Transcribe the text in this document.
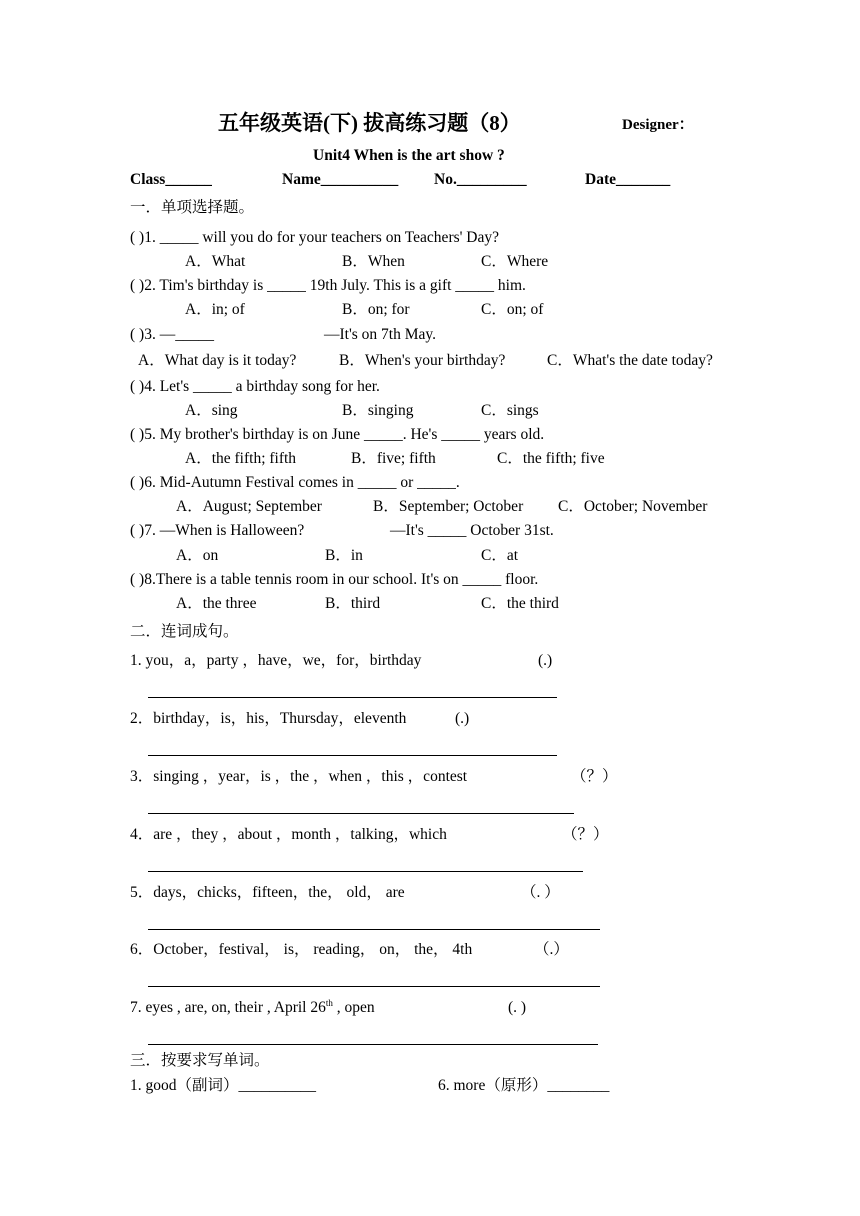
五年级英语(下) 拔高练习题（8）	Designer：
Unit4 When is the art show ?
Class______	Name__________ No._________	Date_______
一．单项选择题。
( )1. _____ will you do for your teachers on Teachers' Day?
A．What	B．When	C．Where
( )2. Tim's birthday is _____ 19th July. This is a gift _____ him.
A．in; of	B．on; for	C．on; of
( )3. —_____	—It's on 7th May.
A．What day is it today?	B．When's your birthday?	C．What's the date today?
( )4. Let's _____ a birthday song for her.
A．sing	B．singing	C．sings
( )5. My brother's birthday is on June _____. He's _____ years old.
A．the fifth; fifth	B．five; fifth	C．the fifth; five
( )6. Mid-Autumn Festival comes in _____ or _____.
A．August; September	B．September; October C．October; November
( )7. —When is Halloween?	—It's _____ October 31st.
A．on	B．in	C．at
( )8.There is a table tennis room in our school. It's on _____ floor.
A．the three	B．third	C．the third
二．连词成句。
1. you，a，party ，have，we，for，birthday	(.)
2．birthday，is，his，Thursday，eleventh	(.)
3．singing ，year，is ，the ，when ，this ，contest	（？）
4．are ，they ，about ，month ，talking，which	（？）
5．days，chicks，fifteen，the， old， are	（. ）
6．October，festival， is， reading， on， the， 4th	（.）
7. eyes , are, on, their , April 26th , open	(. )
三．按要求写单词。
1. good（副词）__________	6. more（原形）________
